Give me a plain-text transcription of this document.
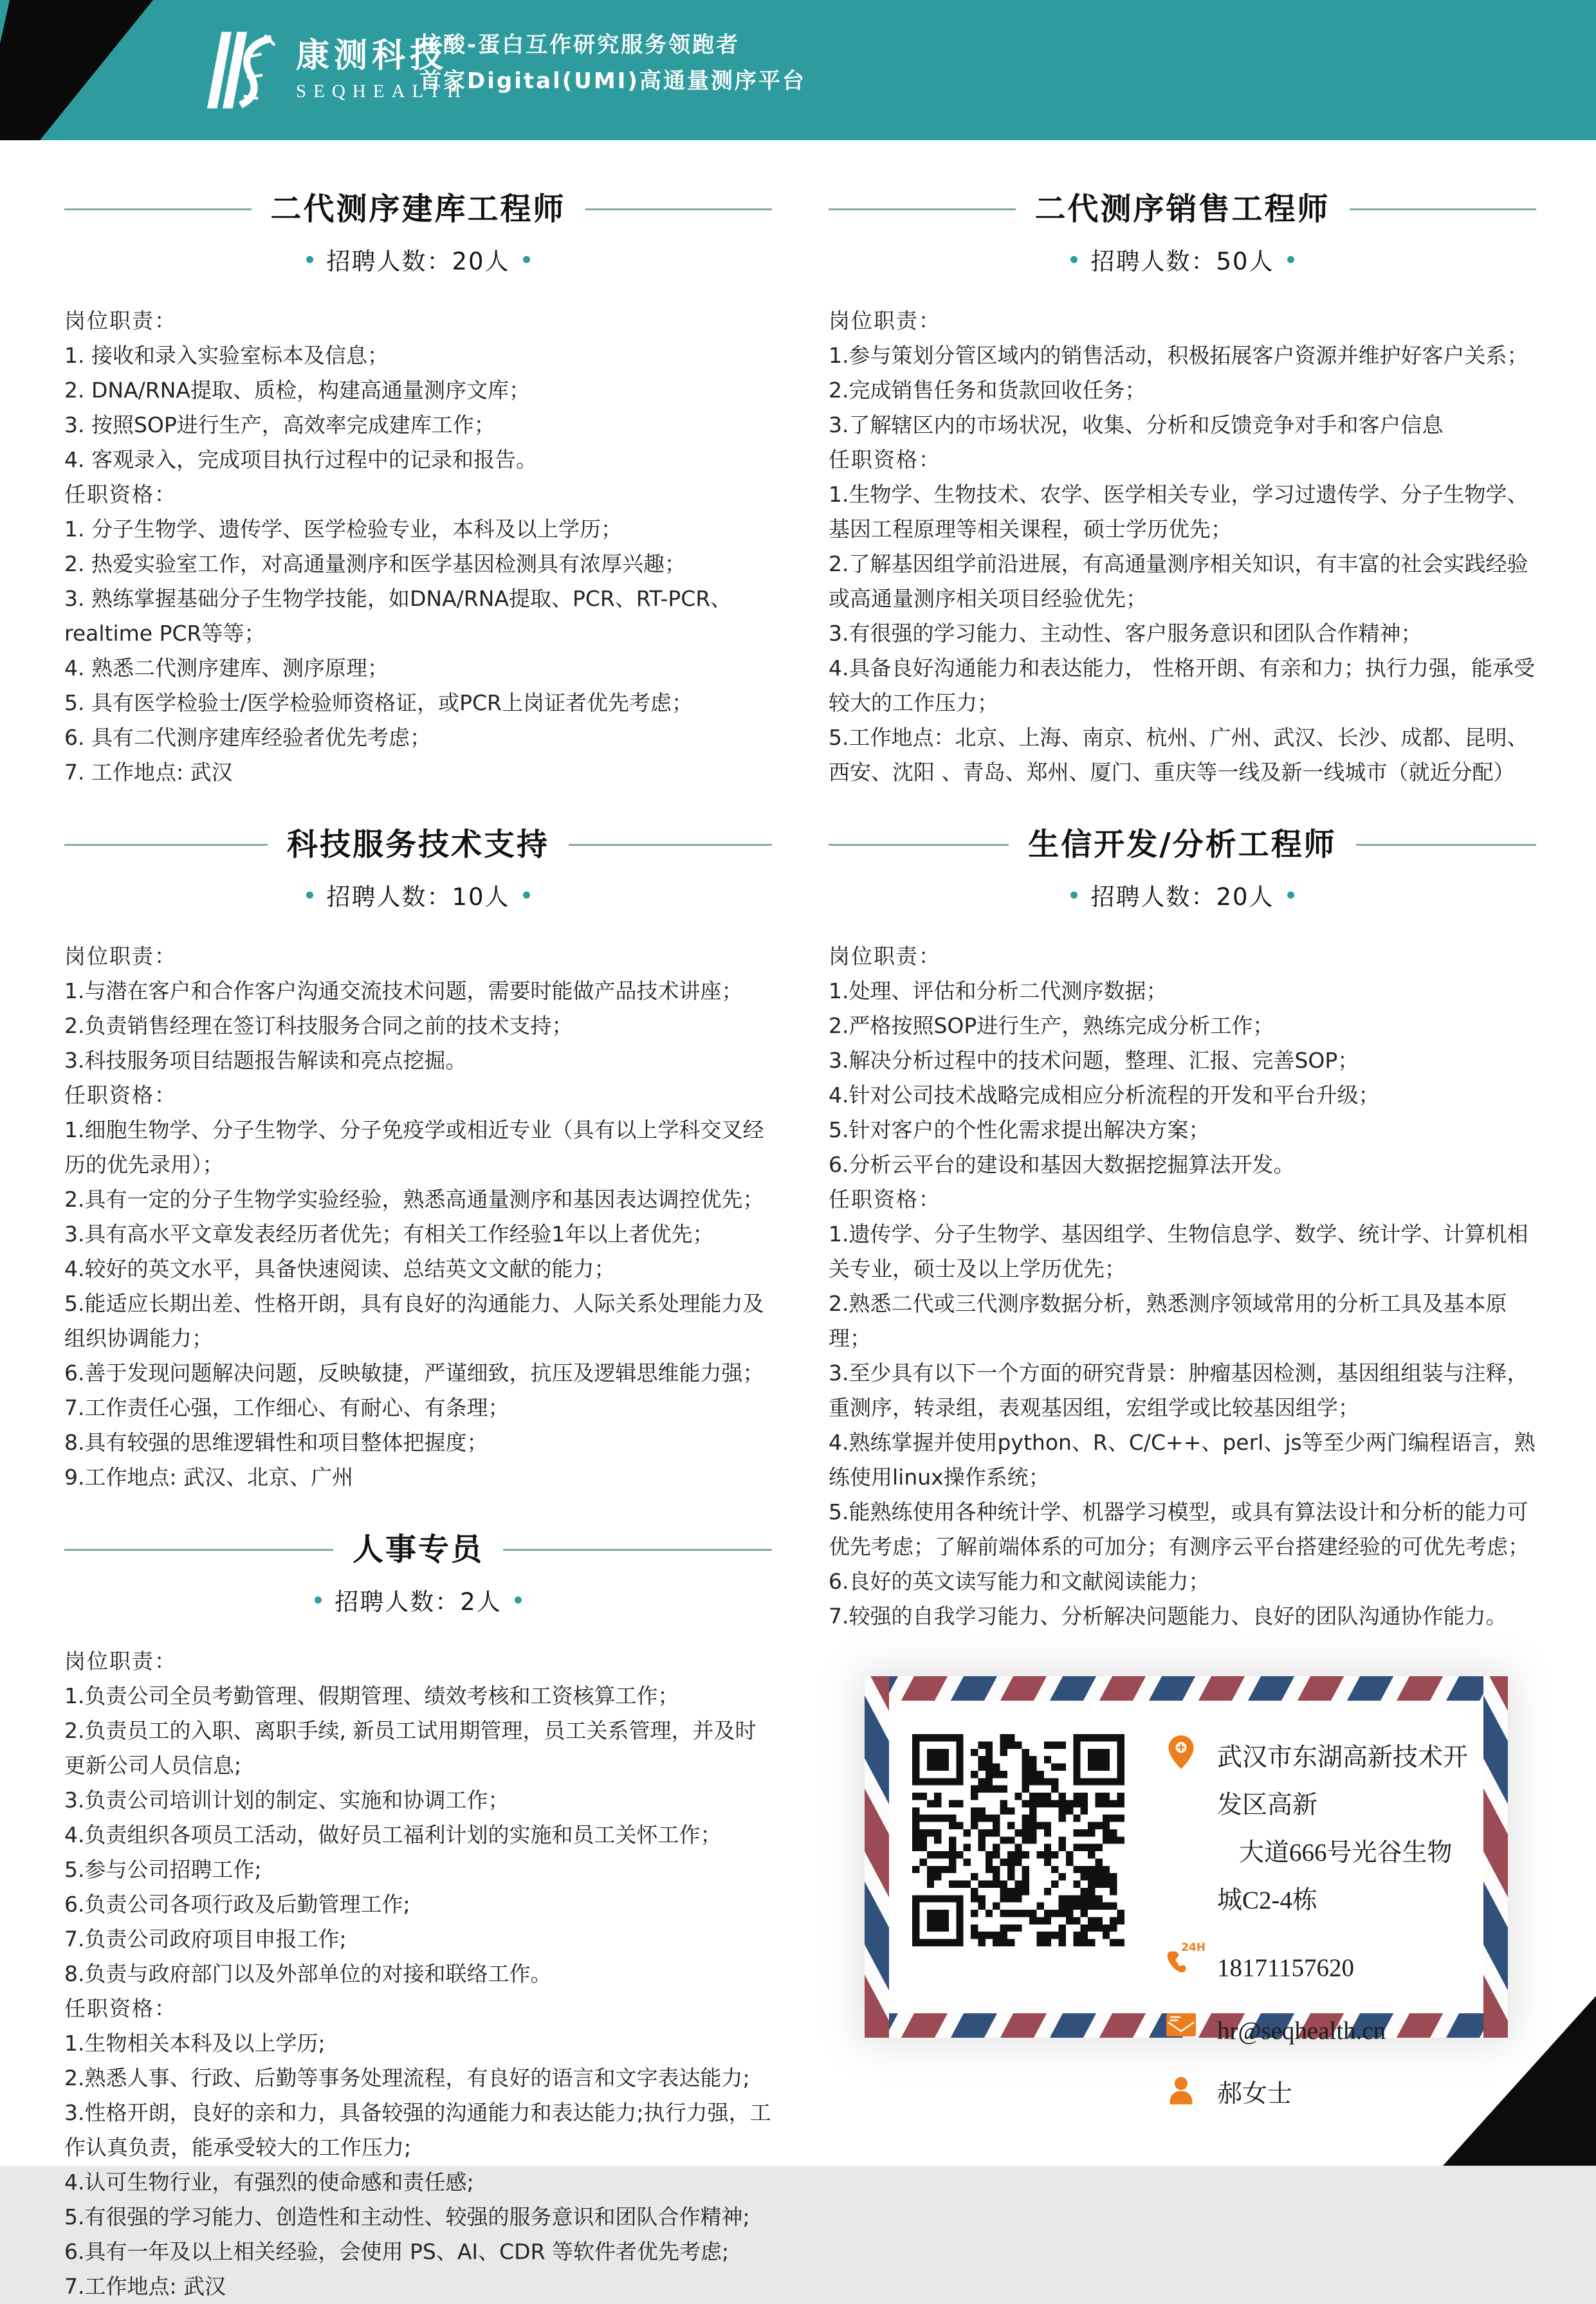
康测科技
SEQHEALTH
核酸-蛋白互作研究服务领跑者
首家Digital(UMI)高通量测序平台
二代测序建库工程师
招聘人数：20人

岗位职责：

1. 接收和录入实验室标本及信息；

2. DNA/RNA提取、质检，构建高通量测序文库；

3. 按照SOP进行生产，高效率完成建库工作；

4. 客观录入，完成项目执行过程中的记录和报告。

任职资格：

1. 分子生物学、遗传学、医学检验专业，本科及以上学历；

2. 热爱实验室工作，对高通量测序和医学基因检测具有浓厚兴趣；

3. 熟练掌握基础分子生物学技能，如DNA/RNA提取、PCR、RT-PCR、realtime PCR等等；

4. 熟悉二代测序建库、测序原理；

5. 具有医学检验士/医学检验师资格证，或PCR上岗证者优先考虑；

6. 具有二代测序建库经验者优先考虑；

7. 工作地点: 武汉

科技服务技术支持
招聘人数：10人

岗位职责：

1.与潜在客户和合作客户沟通交流技术问题，需要时能做产品技术讲座；

2.负责销售经理在签订科技服务合同之前的技术支持；

3.科技服务项目结题报告解读和亮点挖掘。

任职资格：

1.细胞生物学、分子生物学、分子免疫学或相近专业（具有以上学科交叉经历的优先录用）；

2.具有一定的分子生物学实验经验，熟悉高通量测序和基因表达调控优先；

3.具有高水平文章发表经历者优先；有相关工作经验1年以上者优先；

4.较好的英文水平，具备快速阅读、总结英文文献的能力；

5.能适应长期出差、性格开朗，具有良好的沟通能力、人际关系处理能力及组织协调能力；

6.善于发现问题解决问题，反映敏捷，严谨细致，抗压及逻辑思维能力强；

7.工作责任心强，工作细心、有耐心、有条理；

8.具有较强的思维逻辑性和项目整体把握度；

9.工作地点: 武汉、北京、广州

人事专员
招聘人数：2人

岗位职责：

1.负责公司全员考勤管理、假期管理、绩效考核和工资核算工作；

2.负责员工的入职、离职手续, 新员工试用期管理，员工关系管理，并及时更新公司人员信息;

3.负责公司培训计划的制定、实施和协调工作；

4.负责组织各项员工活动，做好员工福利计划的实施和员工关怀工作；

5.参与公司招聘工作;

6.负责公司各项行政及后勤管理工作;

7.负责公司政府项目申报工作;

8.负责与政府部门以及外部单位的对接和联络工作。

任职资格：

1.生物相关本科及以上学历;

2.熟悉人事、行政、后勤等事务处理流程，有良好的语言和文字表达能力;

3.性格开朗，良好的亲和力，具备较强的沟通能力和表达能力;执行力强，工作认真负责，能承受较大的工作压力;

4.认可生物行业，有强烈的使命感和责任感;

5.有很强的学习能力、创造性和主动性、较强的服务意识和团队合作精神;

6.具有一年及以上相关经验，会使用 PS、AI、CDR 等软件者优先考虑;

7.工作地点: 武汉

二代测序销售工程师
招聘人数：50人

岗位职责：

1.参与策划分管区域内的销售活动，积极拓展客户资源并维护好客户关系；

2.完成销售任务和货款回收任务；

3.了解辖区内的市场状况，收集、分析和反馈竞争对手和客户信息

任职资格：

1.生物学、生物技术、农学、医学相关专业，学习过遗传学、分子生物学、基因工程原理等相关课程，硕士学历优先；

2.了解基因组学前沿进展，有高通量测序相关知识，有丰富的社会实践经验或高通量测序相关项目经验优先；

3.有很强的学习能力、主动性、客户服务意识和团队合作精神；

4.具备良好沟通能力和表达能力， 性格开朗、有亲和力；执行力强，能承受较大的工作压力；

5.工作地点：北京、上海、南京、杭州、广州、武汉、长沙、成都、昆明、西安、沈阳 、青岛、郑州、厦门、重庆等一线及新一线城市（就近分配）

生信开发/分析工程师
招聘人数：20人

岗位职责：

1.处理、评估和分析二代测序数据；

2.严格按照SOP进行生产，熟练完成分析工作；

3.解决分析过程中的技术问题，整理、汇报、完善SOP；

4.针对公司技术战略完成相应分析流程的开发和平台升级；

5.针对客户的个性化需求提出解决方案；

6.分析云平台的建设和基因大数据挖掘算法开发。

任职资格：

1.遗传学、分子生物学、基因组学、生物信息学、数学、统计学、计算机相关专业，硕士及以上学历优先；

2.熟悉二代或三代测序数据分析，熟悉测序领域常用的分析工具及基本原理；

3.至少具有以下一个方面的研究背景：肿瘤基因检测，基因组组装与注释，重测序，转录组，表观基因组，宏组学或比较基因组学；

4.熟练掌握并使用python、R、C/C++、perl、js等至少两门编程语言，熟练使用linux操作系统；

5.能熟练使用各种统计学、机器学习模型，或具有算法设计和分析的能力可优先考虑；了解前端体系的可加分；有测序云平台搭建经验的可优先考虑；

6.良好的英文读写能力和文献阅读能力；

7.较强的自我学习能力、分析解决问题能力、良好的团队沟通协作能力。

武汉市东湖高新技术开发区高新
大道666号光谷生物城C2-4栋
24H
18171157620
hr@seqhealth.cn
郝女士
